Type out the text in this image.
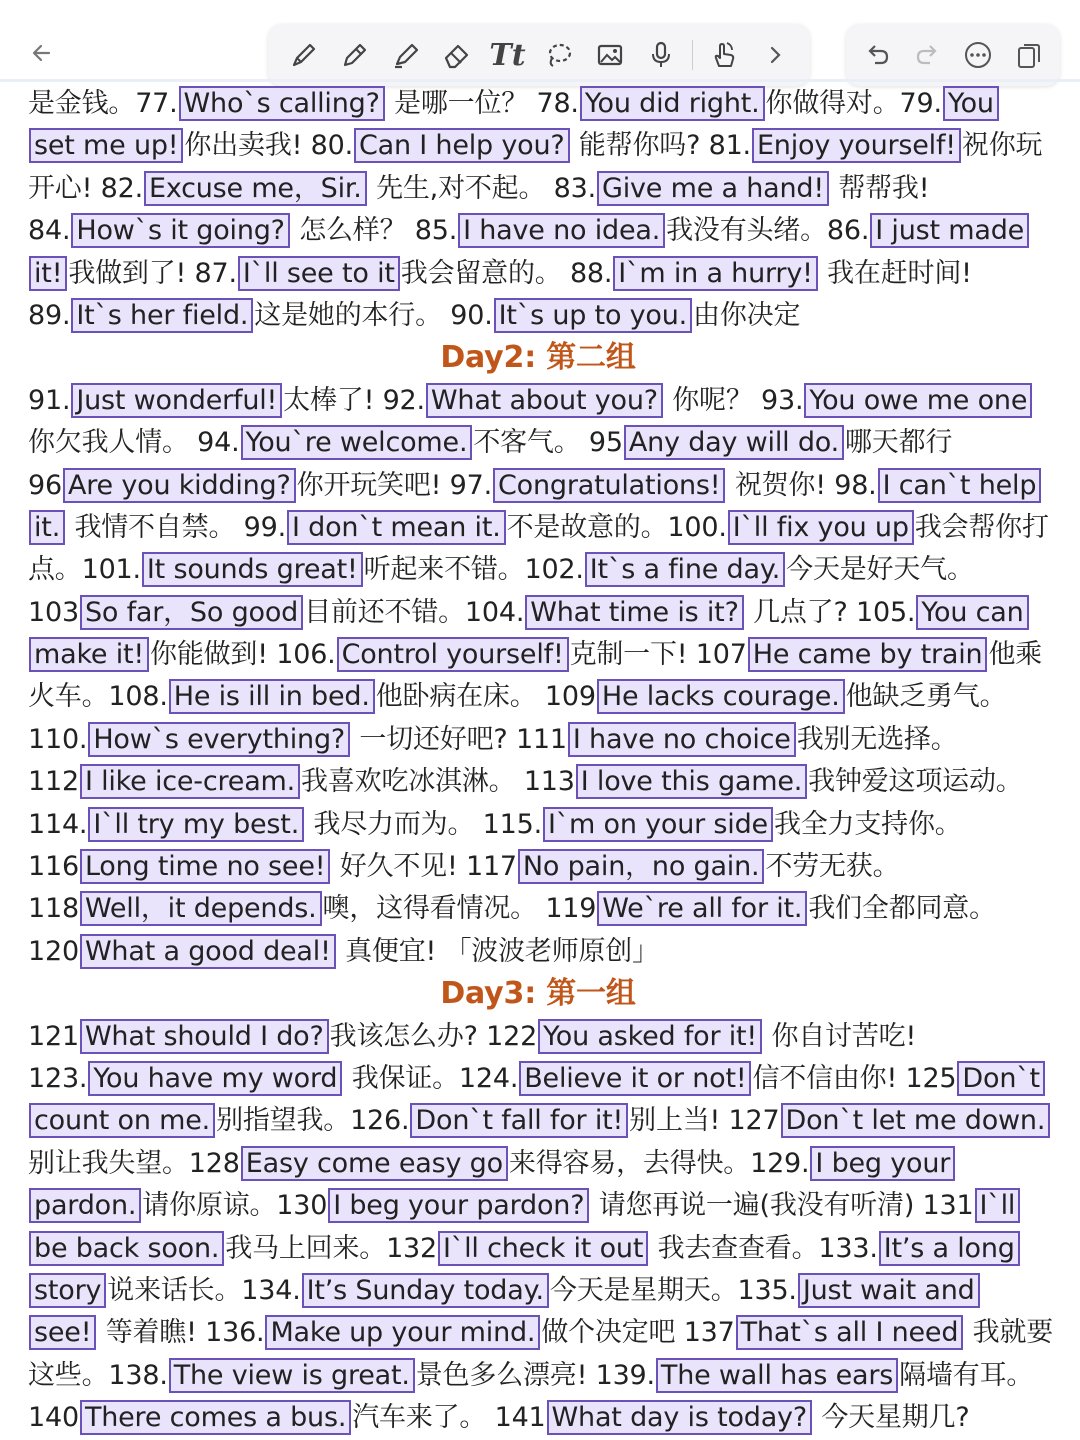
Tt
是金钱。77. Who`s calling? 是哪一位？ 78. You did right. 你做得对。79. You
set me up! 你出卖我! 80. Can I help you? 能帮你吗? 81. Enjoy yourself! 祝你玩
开心! 82. Excuse me，Sir. 先生,对不起。 83. Give me a hand! 帮帮我!
84. How`s it going? 怎么样？ 85. I have no idea. 我没有头绪。86. I just made
it! 我做到了! 87. I`ll see to it 我会留意的。 88. I`m in a hurry! 我在赶时间!
89. It`s her field. 这是她的本行。 90. It`s up to you. 由你决定
Day2: 第二组
91. Just wonderful! 太棒了! 92. What about you? 你呢？ 93. You owe me one
你欠我人情。 94. You`re welcome. 不客气。 95 Any day will do. 哪天都行
96 Are you kidding? 你开玩笑吧! 97. Congratulations! 祝贺你! 98. I can`t help
it. 我情不自禁。 99. I don`t mean it. 不是故意的。100. I`ll fix you up 我会帮你打
点。101. It sounds great! 听起来不错。102. It`s a fine day. 今天是好天气。
103 So far，So good 目前还不错。104. What time is it? 几点了? 105. You can
make it! 你能做到! 106. Control yourself! 克制一下! 107 He came by train 他乘
火车。108. He is ill in bed. 他卧病在床。 109 He lacks courage. 他缺乏勇气。
110. How`s everything? 一切还好吧? 111 I have no choice 我别无选择。
112 I like ice-cream. 我喜欢吃冰淇淋。 113 I love this game. 我钟爱这项运动。
114. I`ll try my best. 我尽力而为。 115. I`m on your side 我全力支持你。
116 Long time no see! 好久不见! 117 No pain，no gain. 不劳无获。
118 Well，it depends. 噢，这得看情况。 119 We`re all for it. 我们全都同意。
120 What a good deal! 真便宜! 「波波老师原创」
Day3: 第一组
121 What should I do? 我该怎么办? 122 You asked for it! 你自讨苦吃!
123. You have my word 我保证。124. Believe it or not! 信不信由你! 125 Don`t
count on me. 别指望我。126. Don`t fall for it! 别上当! 127 Don`t let me down.
别让我失望。128 Easy come easy go 来得容易，去得快。129. I beg your
pardon. 请你原谅。130 I beg your pardon? 请您再说一遍(我没有听清) 131 I`ll
be back soon. 我马上回来。132 I`ll check it out 我去查查看。133. It’s a long
story 说来话长。134. It’s Sunday today. 今天是星期天。135. Just wait and
see! 等着瞧! 136. Make up your mind. 做个决定吧 137 That`s all I need 我就要
这些。138. The view is great. 景色多么漂亮! 139. The wall has ears 隔墙有耳。
140 There comes a bus. 汽车来了。 141 What day is today? 今天星期几?
